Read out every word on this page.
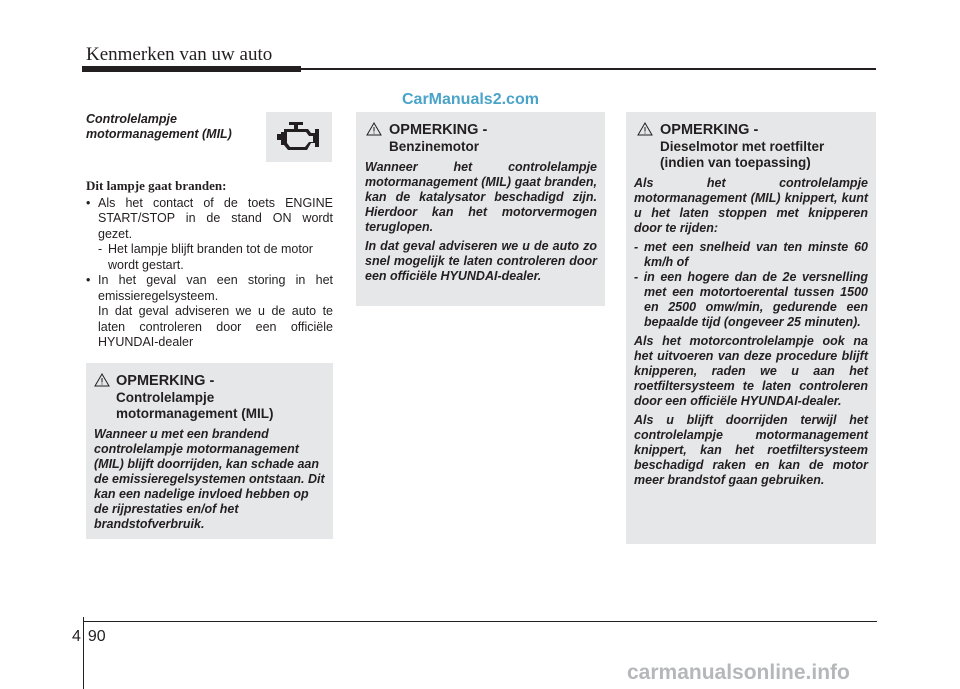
Kenmerken van uw auto
CarManuals2.com
Controlelampje
motormanagement (MIL)
Dit lampje gaat branden:
• Als het contact of de toets ENGINE START/STOP in de stand ON wordt gezet.
- Het lampje blijft branden tot de motor wordt gestart.
• In het geval van een storing in het emissieregelsysteem.
In dat geval adviseren we u de auto te laten controleren door een officiële HYUNDAI-dealer
OPMERKING -
Controlelampje
motormanagement (MIL)

Wanneer u met een brandend controlelampje motormanagement (MIL) blijft doorrijden, kan schade aan de emissieregelsystemen ontstaan. Dit kan een nadelige invloed hebben op de rijprestaties en/of het brandstofverbruik.

OPMERKING -
Benzinemotor

Wanneer het controlelampje motormanagement (MIL) gaat branden, kan de katalysator beschadigd zijn. Hierdoor kan het motorvermogen teruglopen.

In dat geval adviseren we u de auto zo snel mogelijk te laten controleren door een officiële HYUNDAI-dealer.

OPMERKING -
Dieselmotor met roetfilter
(indien van toepassing)

Als het controlelampje motormanagement (MIL) knippert, kunt u het laten stoppen met knipperen door te rijden:

- met een snelheid van ten minste 60 km/h of

- in een hogere dan de 2e versnelling met een motortoerental tussen 1500 en 2500 omw/min, gedurende een bepaalde tijd (ongeveer 25 minuten).

Als het motorcontrolelampje ook na het uitvoeren van deze procedure blijft knipperen, raden we u aan het roetfiltersysteem te laten controleren door een officiële HYUNDAI-dealer.

Als u blijft doorrijden terwijl het controlelampje motormanagement knippert, kan het roetfiltersysteem beschadigd raken en kan de motor meer brandstof gaan gebruiken.

4 90
carmanualsonline.info
